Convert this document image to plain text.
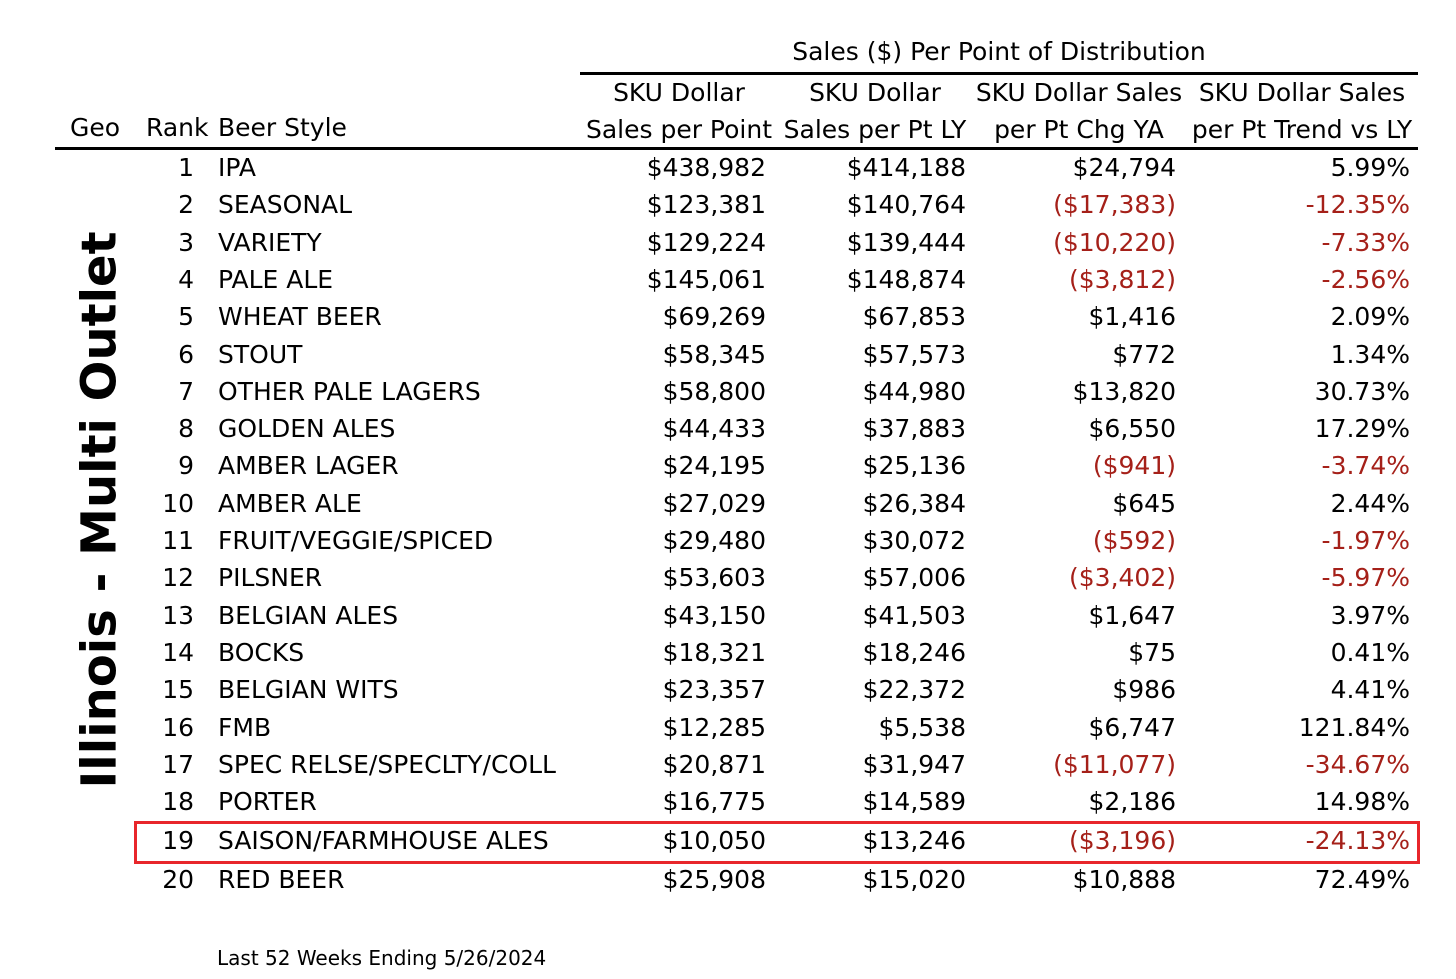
Sales ($) Per Point of Distribution
Geo Rank Beer Style
SKU Dollar
Sales per Point
SKU Dollar
Sales per Pt LY
SKU Dollar Sales
per Pt Chg YA
SKU Dollar Sales
per Pt Trend vs LY
Illinois - Multi Outlet
1 IPA	$438,982	$414,188	$24,794	5.99%
2 SEASONAL	$123,381	$140,764	($17,383)	-12.35%
3 VARIETY	$129,224	$139,444	($10,220)	-7.33%
4 PALE ALE	$145,061	$148,874	($3,812)	-2.56%
5 WHEAT BEER	$69,269	$67,853	$1,416	2.09%
6 STOUT	$58,345	$57,573	$772	1.34%
7 OTHER PALE LAGERS	$58,800	$44,980	$13,820	30.73%
8 GOLDEN ALES	$44,433	$37,883	$6,550	17.29%
9 AMBER LAGER	$24,195	$25,136	($941)	-3.74%
10 AMBER ALE	$27,029	$26,384	$645	2.44%
11 FRUIT/VEGGIE/SPICED	$29,480	$30,072	($592)	-1.97%
12 PILSNER	$53,603	$57,006	($3,402)	-5.97%
13 BELGIAN ALES	$43,150	$41,503	$1,647	3.97%
14 BOCKS	$18,321	$18,246	$75	0.41%
15 BELGIAN WITS	$23,357	$22,372	$986	4.41%
16 FMB	$12,285	$5,538	$6,747	121.84%
17 SPEC RELSE/SPECLTY/COLL	$20,871	$31,947	($11,077)	-34.67%
18 PORTER	$16,775	$14,589	$2,186	14.98%
19 SAISON/FARMHOUSE ALES	$10,050	$13,246	($3,196)	-24.13%
20 RED BEER	$25,908	$15,020	$10,888	72.49%
Last 52 Weeks Ending 5/26/2024
